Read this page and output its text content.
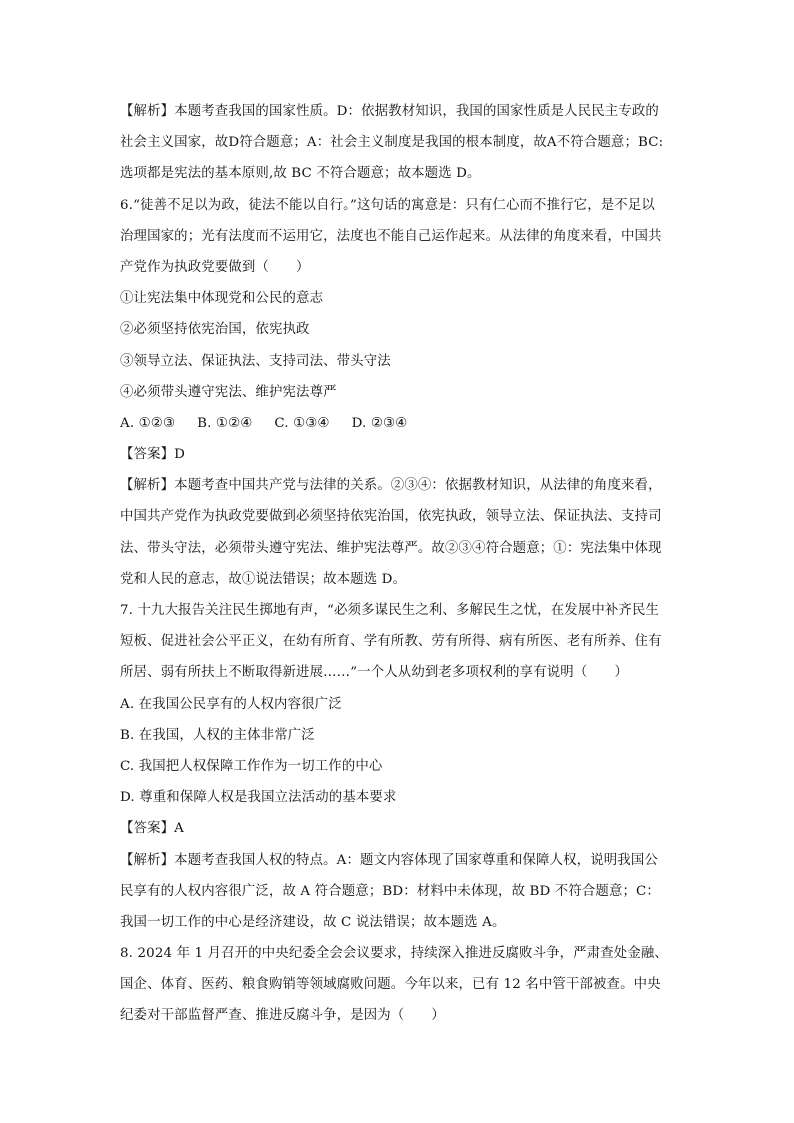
【解析】本题考查我国的国家性质。D：依据教材知识，我国的国家性质是人民民主专政的
社会主义国家，故D符合题意；A：社会主义制度是我国的根本制度，故A不符合题意；BC:
选项都是宪法的基本原则,故 BC 不符合题意；故本题选 D。
6.“徒善不足以为政，徒法不能以自行。”这句话的寓意是：只有仁心而不推行它，是不足以
治理国家的；光有法度而不运用它，法度也不能自己运作起来。从法律的角度来看，中国共
产党作为执政党要做到（　　）
①让宪法集中体现党和公民的意志
②必须坚持依宪治国，依宪执政
③领导立法、保证执法、支持司法、带头守法
④必须带头遵守宪法、维护宪法尊严
A. ①②③ B. ①②④ C. ①③④ D. ②③④
【答案】D
【解析】本题考查中国共产党与法律的关系。②③④：依据教材知识，从法律的角度来看，
中国共产党作为执政党要做到必须坚持依宪治国，依宪执政，领导立法、保证执法、支持司
法、带头守法，必须带头遵守宪法、维护宪法尊严。故②③④符合题意；①：宪法集中体现
党和人民的意志，故①说法错误；故本题选 D。
7. 十九大报告关注民生掷地有声，“必须多谋民生之利、多解民生之忧，在发展中补齐民生
短板、促进社会公平正义，在幼有所育、学有所教、劳有所得、病有所医、老有所养、住有
所居、弱有所扶上不断取得新进展……”一个人从幼到老多项权利的享有说明（　　）
A. 在我国公民享有的人权内容很广泛
B. 在我国，人权的主体非常广泛
C. 我国把人权保障工作作为一切工作的中心
D. 尊重和保障人权是我国立法活动的基本要求
【答案】A
【解析】本题考查我国人权的特点。A：题文内容体现了国家尊重和保障人权，说明我国公
民享有的人权内容很广泛，故 A 符合题意；BD：材料中未体现，故 BD 不符合题意；C：
我国一切工作的中心是经济建设，故 C 说法错误；故本题选 A。
8. 2024 年 1 月召开的中央纪委全会会议要求，持续深入推进反腐败斗争，严肃查处金融、
国企、体育、医药、粮食购销等领域腐败问题。今年以来，已有 12 名中管干部被查。中央
纪委对干部监督严查、推进反腐斗争，是因为（　　）
